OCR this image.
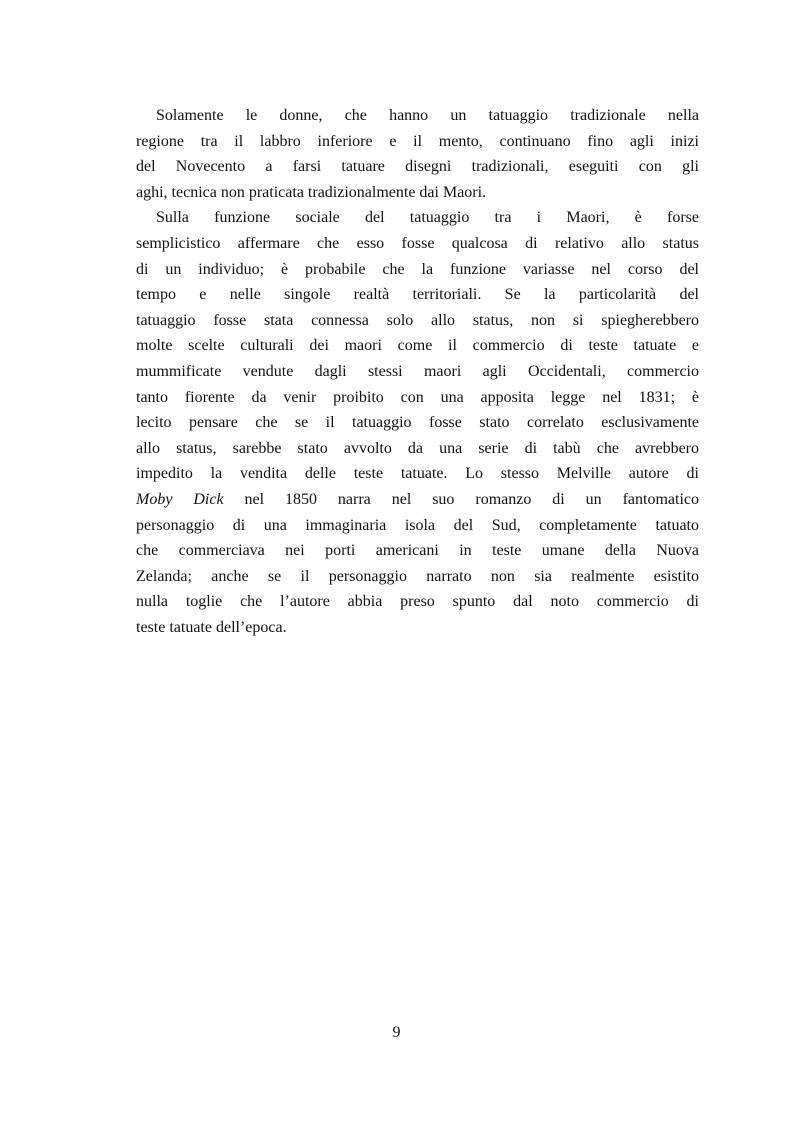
Solamente le donne, che hanno un tatuaggio tradizionale nella
regione tra il labbro inferiore e il mento, continuano fino agli inizi
del Novecento a farsi tatuare disegni tradizionali, eseguiti con gli
aghi, tecnica non praticata tradizionalmente dai Maori.
Sulla funzione sociale del tatuaggio tra i Maori, è forse
semplicistico affermare che esso fosse qualcosa di relativo allo status
di un individuo; è probabile che la funzione variasse nel corso del
tempo e nelle singole realtà territoriali. Se la particolarità del
tatuaggio fosse stata connessa solo allo status, non si spiegherebbero
molte scelte culturali dei maori come il commercio di teste tatuate e
mummificate vendute dagli stessi maori agli Occidentali, commercio
tanto fiorente da venir proibito con una apposita legge nel 1831; è
lecito pensare che se il tatuaggio fosse stato correlato esclusivamente
allo status, sarebbe stato avvolto da una serie di tabù che avrebbero
impedito la vendita delle teste tatuate. Lo stesso Melville autore di
Moby Dick nel 1850 narra nel suo romanzo di un fantomatico
personaggio di una immaginaria isola del Sud, completamente tatuato
che commerciava nei porti americani in teste umane della Nuova
Zelanda; anche se il personaggio narrato non sia realmente esistito
nulla toglie che l’autore abbia preso spunto dal noto commercio di
teste tatuate dell’epoca.
9
